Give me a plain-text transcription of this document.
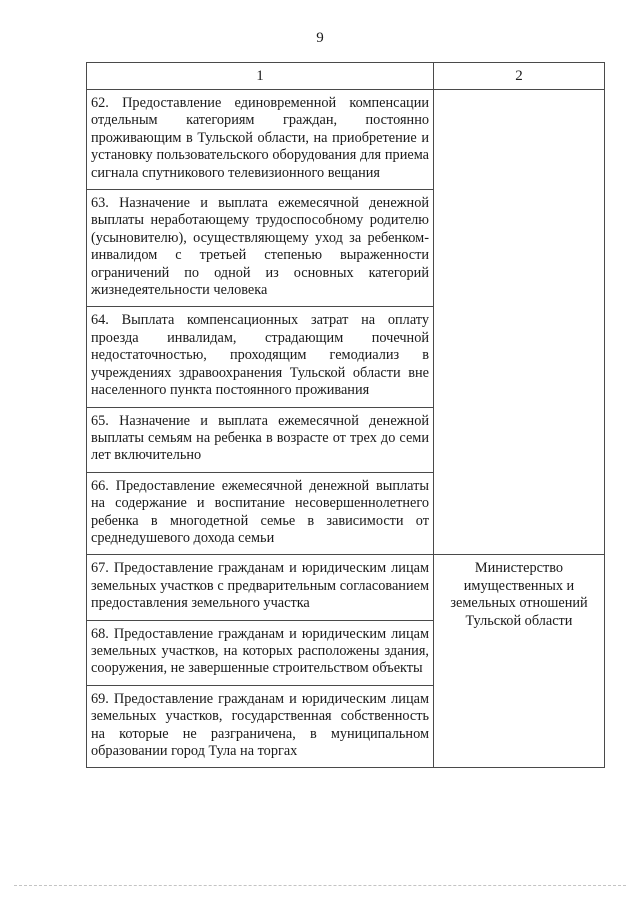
9
1	2
62. Предоставление единовременной компенсации отдельным категориям граждан, постоянно проживающим в Тульской области, на приобретение и установку пользовательского оборудования для приема сигнала спутникового телевизионного вещания	
63. Назначение и выплата ежемесячной денежной выплаты неработающему трудоспособному родителю (усыновителю), осуществляющему уход за ребенком-инвалидом с третьей степенью выраженности ограничений по одной из основных категорий жизнедеятельности человека	
64. Выплата компенсационных затрат на оплату проезда инвалидам, страдающим почечной недостаточностью, проходящим гемодиализ в учреждениях здравоохранения Тульской области вне населенного пункта постоянного проживания	
65. Назначение и выплата ежемесячной денежной выплаты семьям на ребенка в возрасте от трех до семи лет включительно	
66. Предоставление ежемесячной денежной выплаты на содержание и воспитание несовершеннолетнего ребенка в многодетной семье в зависимости от среднедушевого дохода семьи	
67. Предоставление гражданам и юридическим лицам земельных участков с предварительным согласованием предоставления земельного участка	Министерство имущественных и земельных отношений Тульской области
68. Предоставление гражданам и юридическим лицам земельных участков, на которых расположены здания, сооружения, не завершенные строительством объекты	
69. Предоставление гражданам и юридическим лицам земельных участков, государственная собственность на которые не разграничена, в муниципальном образовании город Тула на торгах	
